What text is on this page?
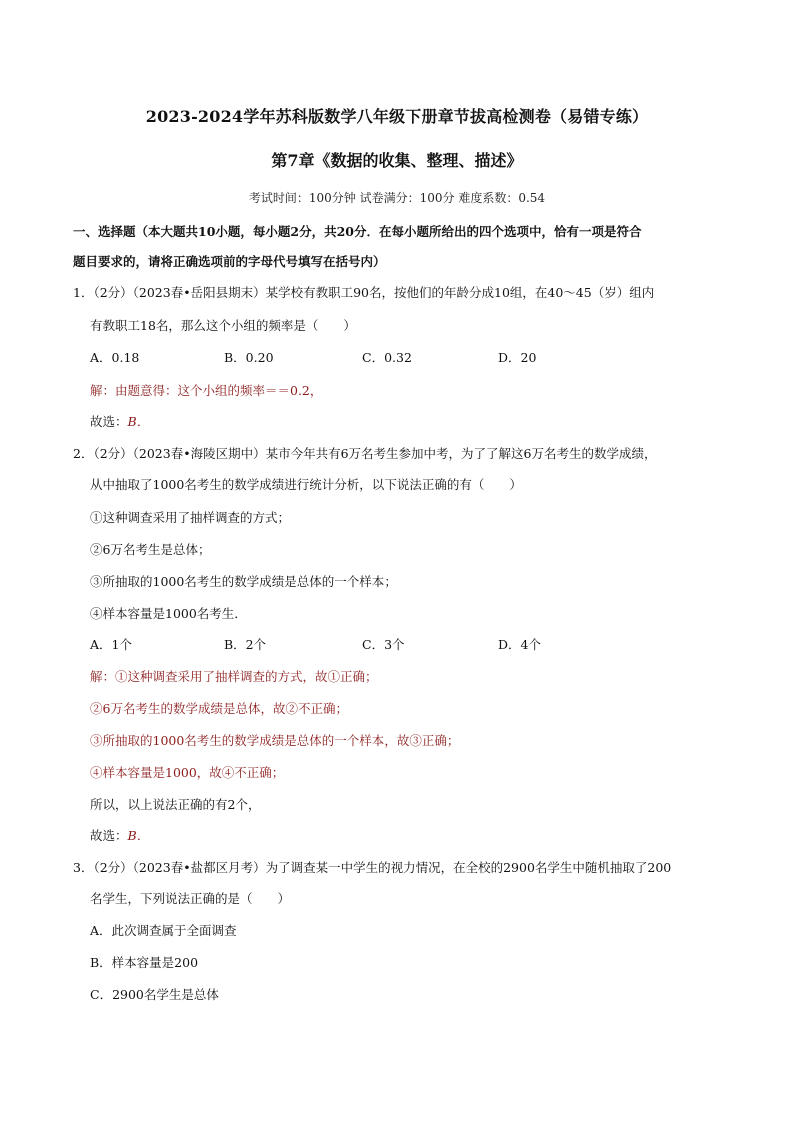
2023-2024学年苏科版数学八年级下册章节拔高检测卷（易错专练）
第7章《数据的收集、整理、描述》
考试时间：100分钟 试卷满分：100分 难度系数：0.54
一、选择题（本大题共10小题，每小题2分，共20分．在每小题所给出的四个选项中，恰有一项是符合
题目要求的，请将正确选项前的字母代号填写在括号内）
1．（2分）（2023春•岳阳县期末）某学校有教职工90名，按他们的年龄分成10组，在40～45（岁）组内
有教职工18名，那么这个小组的频率是（　　）
A．0.18	B．0.20	C．0.32	D．20
解：由题意得：这个小组的频率＝＝0.2，
故选：B．
2．（2分）（2023春•海陵区期中）某市今年共有6万名考生参加中考，为了了解这6万名考生的数学成绩，
从中抽取了1000名考生的数学成绩进行统计分析，以下说法正确的有（　　）
①这种调查采用了抽样调查的方式；
②6万名考生是总体；
③所抽取的1000名考生的数学成绩是总体的一个样本；
④样本容量是1000名考生．
A．1个	B．2个	C．3个	D．4个
解：①这种调查采用了抽样调查的方式，故①正确；
②6万名考生的数学成绩是总体，故②不正确；
③所抽取的1000名考生的数学成绩是总体的一个样本，故③正确；
④样本容量是1000，故④不正确；
所以，以上说法正确的有2个，
故选：B．
3．（2分）（2023春•盐都区月考）为了调查某一中学生的视力情况，在全校的2900名学生中随机抽取了200
名学生，下列说法正确的是（　　）
A．此次调查属于全面调查
B．样本容量是200
C．2900名学生是总体
